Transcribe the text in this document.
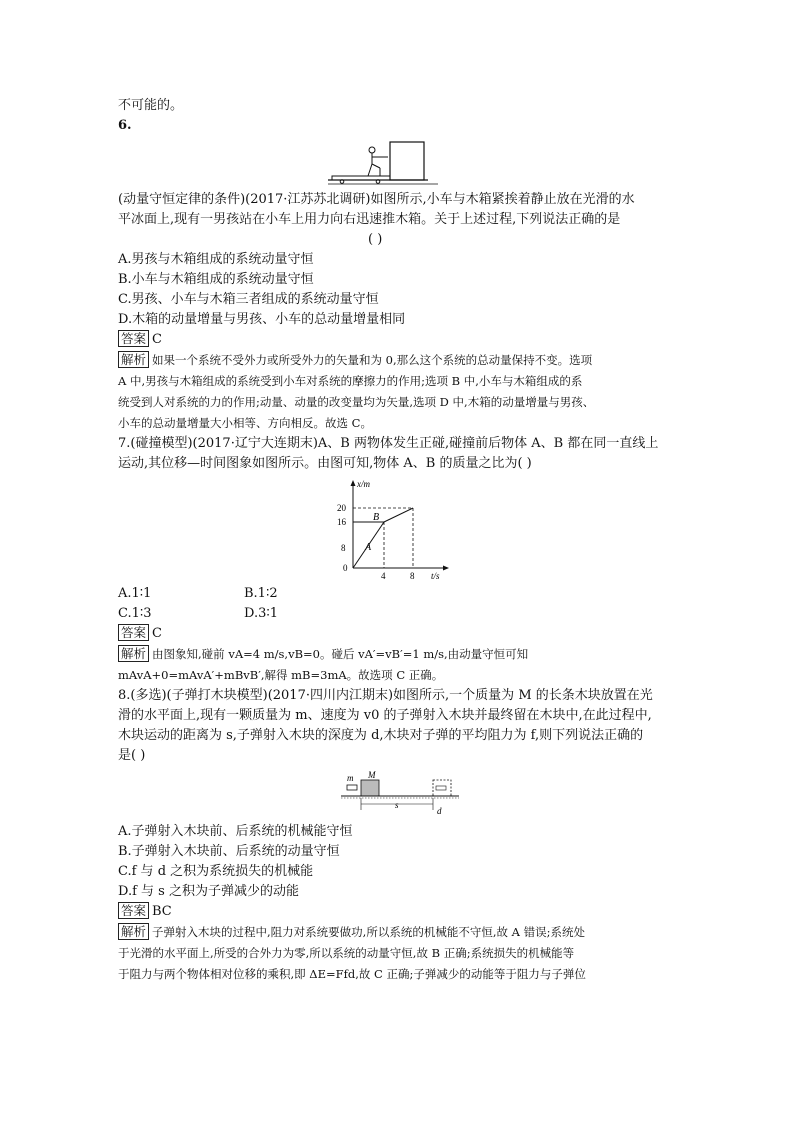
不可能的。
6.
(动量守恒定律的条件)(2017·江苏苏北调研)如图所示,小车与木箱紧挨着静止放在光滑的水
平冰面上,现有一男孩站在小车上用力向右迅速推木箱。关于上述过程,下列说法正确的是
( )
A.男孩与木箱组成的系统动量守恒
B.小车与木箱组成的系统动量守恒
C.男孩、小车与木箱三者组成的系统动量守恒
D.木箱的动量增量与男孩、小车的总动量增量相同
答案 C
解析 如果一个系统不受外力或所受外力的矢量和为 0,那么这个系统的总动量保持不变。选项
A 中,男孩与木箱组成的系统受到小车对系统的摩擦力的作用;选项 B 中,小车与木箱组成的系
统受到人对系统的力的作用;动量、动量的改变量均为矢量,选项 D 中,木箱的动量增量与男孩、
小车的总动量增量大小相等、方向相反。故选 C。
7.(碰撞模型)(2017·辽宁大连期末)A、B 两物体发生正碰,碰撞前后物体 A、B 都在同一直线上
运动,其位移—时间图象如图所示。由图可知,物体 A、B 的质量之比为( )
x/m
t/s
20
16
8
0
4	8
A
B
A.1∶1	B.1∶2
C.1∶3	D.3∶1
答案 C
解析 由图象知,碰前 vA=4 m/s,vB=0。碰后 vA′=vB′=1 m/s,由动量守恒可知
mAvA+0=mAvA′+mBvB′,解得 mB=3mA。故选项 C 正确。
8.(多选)(子弹打木块模型)(2017·四川内江期末)如图所示,一个质量为 M 的长条木块放置在光
滑的水平面上,现有一颗质量为 m、速度为 v0 的子弹射入木块并最终留在木块中,在此过程中,
木块运动的距离为 s,子弹射入木块的深度为 d,木块对子弹的平均阻力为 f,则下列说法正确的
是( )
m M
s
d
A.子弹射入木块前、后系统的机械能守恒
B.子弹射入木块前、后系统的动量守恒
C.f 与 d 之积为系统损失的机械能
D.f 与 s 之积为子弹减少的动能
答案 BC
解析 子弹射入木块的过程中,阻力对系统要做功,所以系统的机械能不守恒,故 A 错误;系统处
于光滑的水平面上,所受的合外力为零,所以系统的动量守恒,故 B 正确;系统损失的机械能等
于阻力与两个物体相对位移的乘积,即 ΔE=Ffd,故 C 正确;子弹减少的动能等于阻力与子弹位
